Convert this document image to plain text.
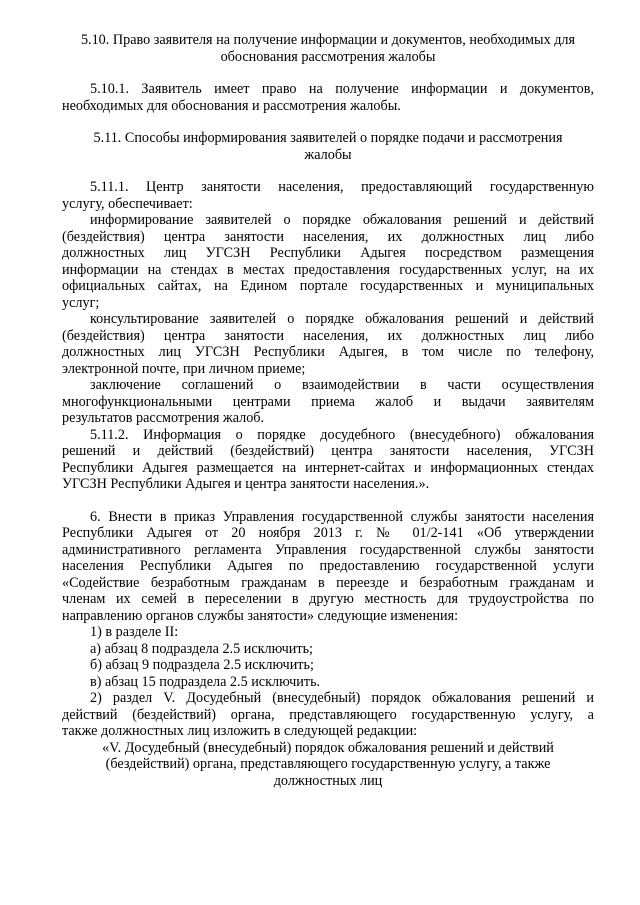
5.10. Право заявителя на получение информации и документов, необходимых для
обоснования рассмотрения жалобы
5.10.1. Заявитель имеет право на получение информации и документов,
необходимых для обоснования и рассмотрения жалобы.
5.11. Способы информирования заявителей о порядке подачи и рассмотрения
жалобы
5.11.1. Центр занятости населения, предоставляющий государственную
услугу, обеспечивает:
информирование заявителей о порядке обжалования решений и действий
(бездействия) центра занятости населения, их должностных лиц либо
должностных лиц УГСЗН Республики Адыгея посредством размещения
информации на стендах в местах предоставления государственных услуг, на их
официальных сайтах, на Едином портале государственных и муниципальных
услуг;
консультирование заявителей о порядке обжалования решений и действий
(бездействия) центра занятости населения, их должностных лиц либо
должностных лиц УГСЗН Республики Адыгея, в том числе по телефону,
электронной почте, при личном приеме;
заключение соглашений о взаимодействии в части осуществления
многофункциональными центрами приема жалоб и выдачи заявителям
результатов рассмотрения жалоб.
5.11.2. Информация о порядке досудебного (внесудебного) обжалования
решений и действий (бездействий) центра занятости населения, УГСЗН
Республики Адыгея размещается на интернет-сайтах и информационных стендах
УГСЗН Республики Адыгея и центра занятости населения.».
6. Внести в приказ Управления государственной службы занятости населения
Республики Адыгея от 20 ноября 2013 г. № 01/2-141 «Об утверждении
административного регламента Управления государственной службы занятости
населения Республики Адыгея по предоставлению государственной услуги
«Содействие безработным гражданам в переезде и безработным гражданам и
членам их семей в переселении в другую местность для трудоустройства по
направлению органов службы занятости» следующие изменения:
1) в разделе II:
а) абзац 8 подраздела 2.5 исключить;
б) абзац 9 подраздела 2.5 исключить;
в) абзац 15 подраздела 2.5 исключить.
2) раздел V. Досудебный (внесудебный) порядок обжалования решений и
действий (бездействий) органа, представляющего государственную услугу, а
также должностных лиц изложить в следующей редакции:
«V. Досудебный (внесудебный) порядок обжалования решений и действий
(бездействий) органа, представляющего государственную услугу, а также
должностных лиц
